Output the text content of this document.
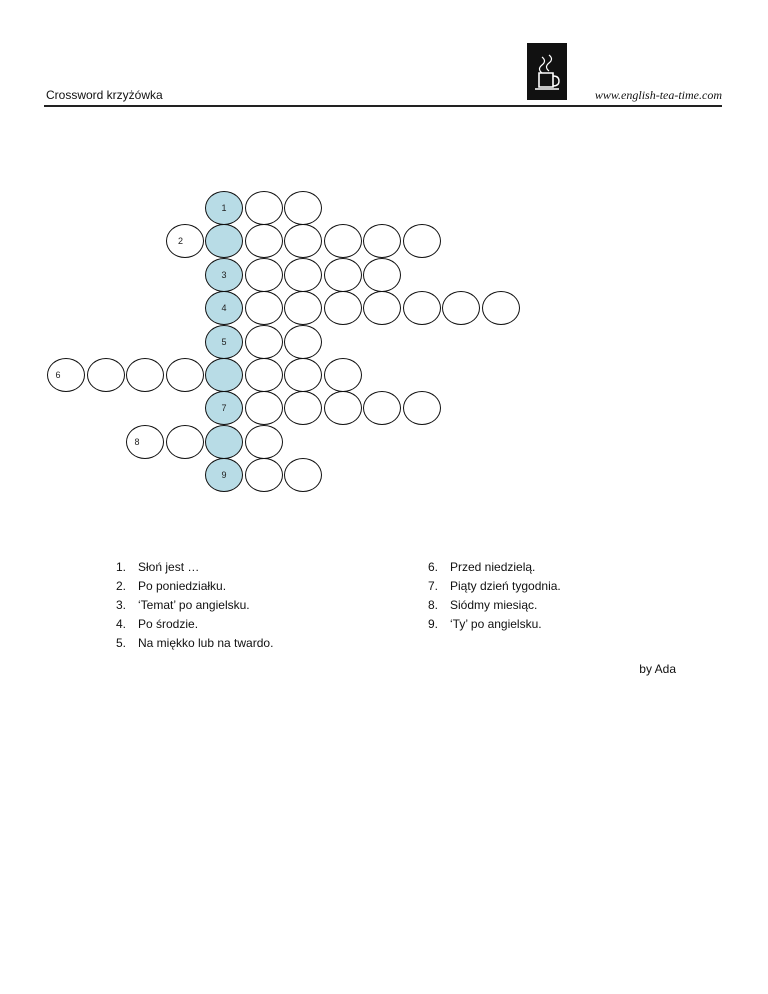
Crossword krzyżówka	www.english-tea-time.com
1
2
3
4
5
6
7
8
9
1. Słoń jest …
2. Po poniedziałku.
3. ‘Temat’ po angielsku.
4. Po środzie.
5. Na miękko lub na twardo.
6. Przed niedzielą.
7. Piąty dzień tygodnia.
8. Siódmy miesiąc.
9. ‘Ty’ po angielsku.
by Ada
